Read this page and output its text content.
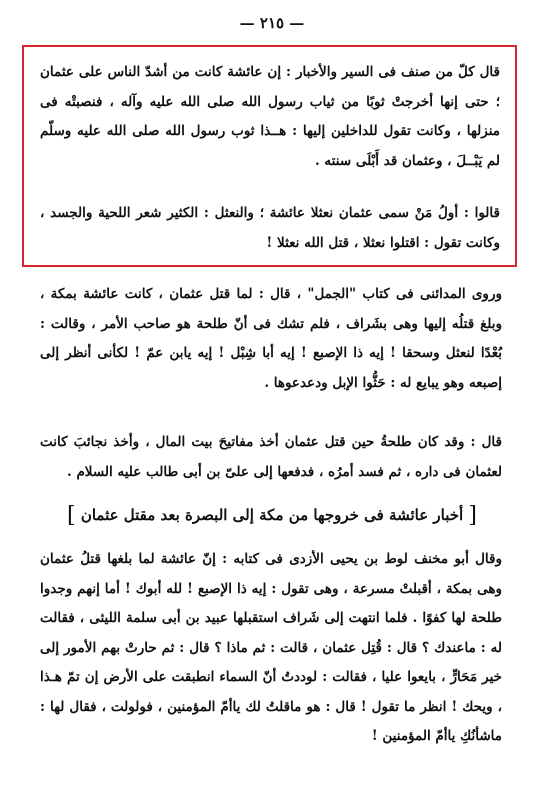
— ٢١٥ —

قال كلّ من صنف فى السير والأخبار : إن عائشة كانت من أشدّ الناس على عثمان ؛ حتى إنها أخرجتْ ثوبًا من ثياب رسول الله صلى الله عليه وآله ، فنصبتْه فى منزلها ، وكانت تقول للداخلين إليها : هــذا ثوب رسول الله صلى الله عليه وسلّم لم يَبْــلَ ، وعثمان قد أَبْلَى سنته .

قالوا : أولُ مَنْ سمى عثمان نعثلا عائشة ؛ والنعثل : الكثير شعر اللحية والجسد ، وكانت تقول : اقتلوا نعثلا ، قتل الله نعثلا !

وروى المدائنى فى كتاب "الجمل" ، قال : لما قتل عثمان ، كانت عائشة بمكة ، وبلغ قتلُه إليها وهى بشَراف ، فلم تشك فى أنّ طلحة هو صاحب الأمر ، وقالت : بُعْدًا لنعثل وسحقا ! إيه ذا الإصبع ! إيه أبا شِبْل ! إيه يابن عمّ ! لكأنى أنظر إلى إصبعه وهو يبايع له : حَثُّوا الإبل ودعدعوها .

قال : وقد كان طلحةُ حين قتل عثمان أخذ مفاتيحَ بيت المال ، وأخذ نجائبَ كانت لعثمان فى داره ، ثم فسد أمرُه ، فدفعها إلى علىّ بن أبى طالب عليه السلام .

[ أخبار عائشة فى خروجها من مكة إلى البصرة بعد مقتل عثمان ]

وقال أبو مخنف لوط بن يحيى الأزدى فى كتابه : إنّ عائشة لما بلغها قتلُ عثمان وهى بمكة ، أقبلتْ مسرعة ، وهى تقول : إيه ذا الإصبع ! لله أبوك ! أما إنهم وجدوا طلحة لها كفوًا . فلما انتهت إلى شَراف استقبلها عبيد بن أبى سلمة الليثى ، فقالت له : ماعندك ؟ قال : قُتِل عثمان ، قالت : ثم ماذا ؟ قال : ثم حارتْ بهم الأمور إلى خير مَحَارٍّ ، بايعوا عليا ، فقالت : لوددتُ أنّ السماء انطبقت على الأرض إن تمّ هـذا ، ويحك ! انظر ما تقول ! قال : هو ماقلتُ لك ياأمّ المؤمنين ، فولولت ، فقال لها : ماشأنُكِ ياأمّ المؤمنين !
